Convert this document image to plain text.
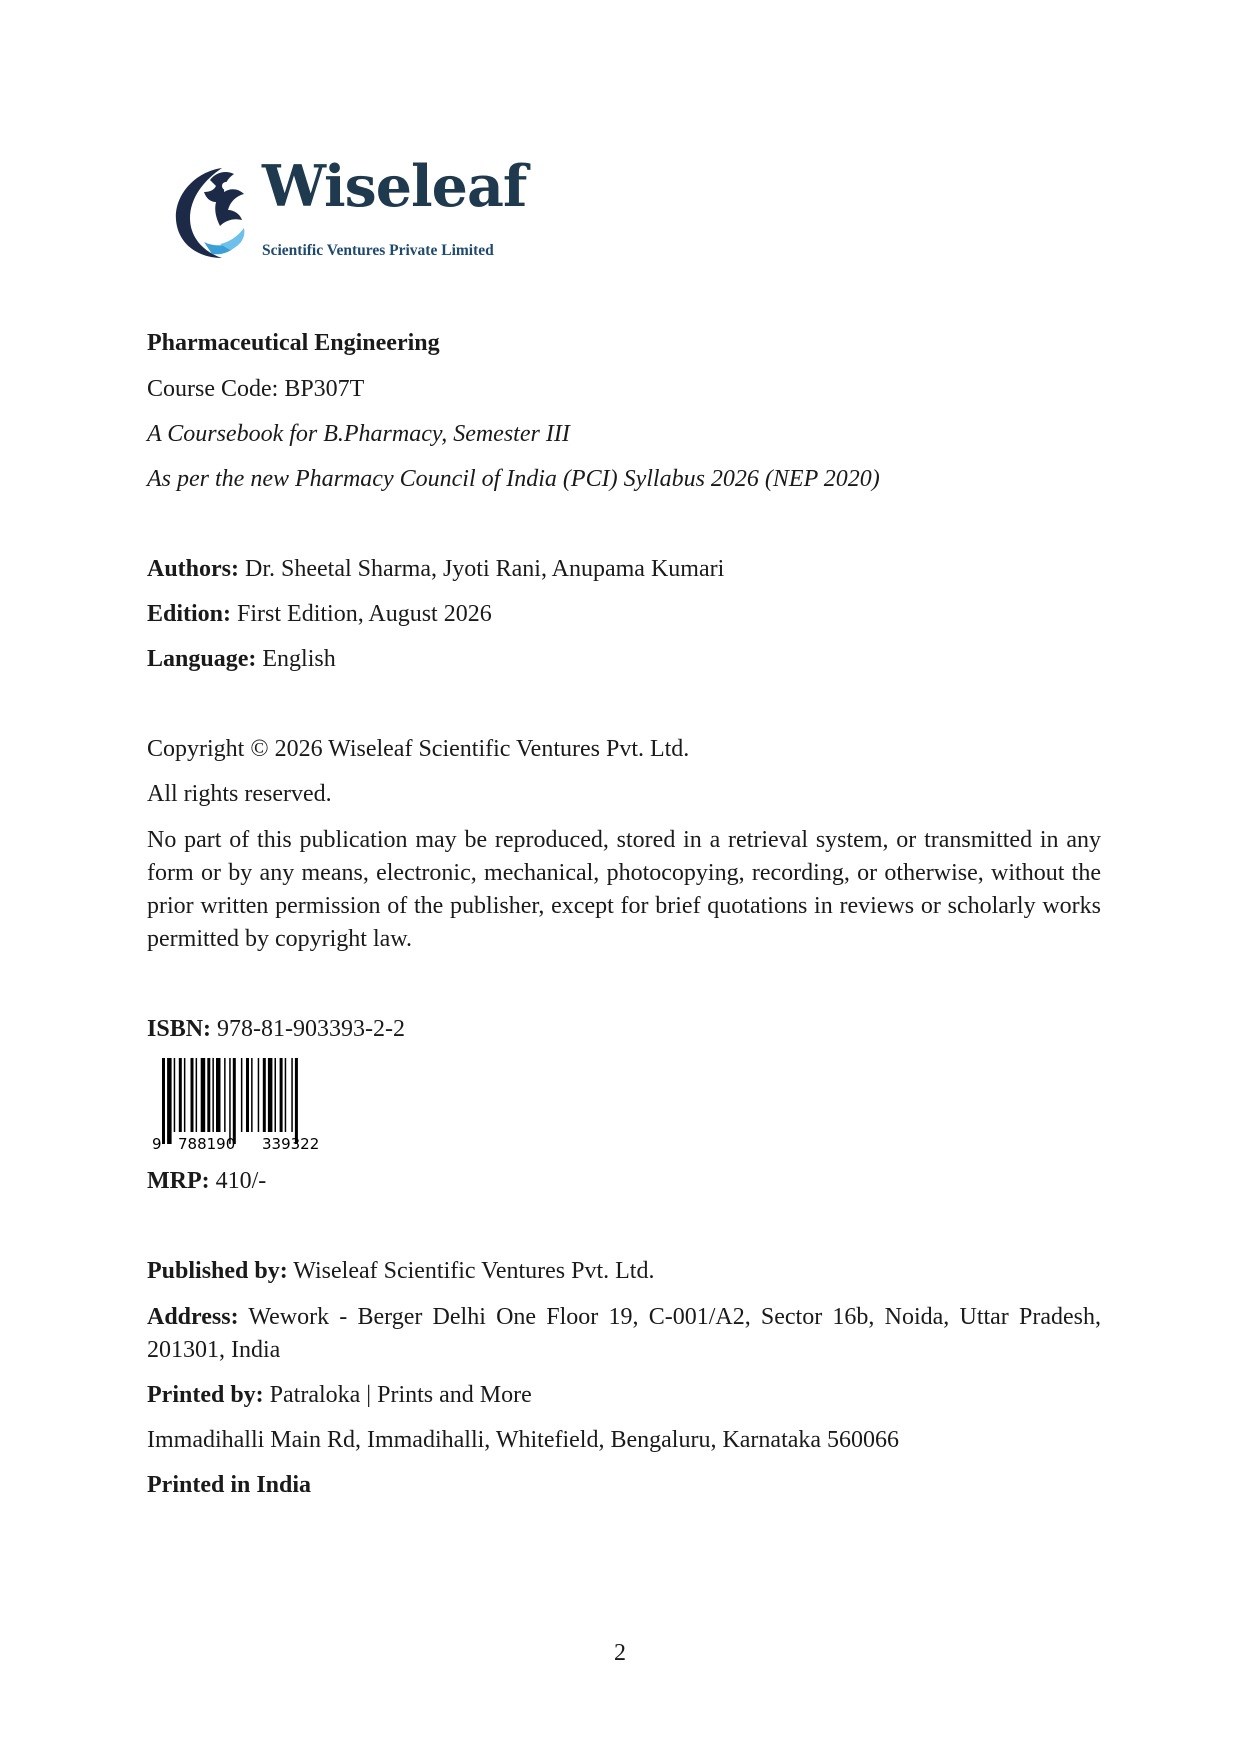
Wiseleaf
Scientific Ventures Private Limited

Pharmaceutical Engineering

Course Code: BP307T

A Coursebook for B.Pharmacy, Semester III

As per the new Pharmacy Council of India (PCI) Syllabus 2026 (NEP 2020)

Authors: Dr. Sheetal Sharma, Jyoti Rani, Anupama Kumari

Edition: First Edition, August 2026

Language: English

Copyright © 2026 Wiseleaf Scientific Ventures Pvt. Ltd.

All rights reserved.

No part of this publication may be reproduced, stored in a retrieval system, or transmitted in any form or by any means, electronic, mechanical, photocopying, recording, or otherwise, without the prior written permission of the publisher, except for brief quotations in reviews or scholarly works permitted by copyright law.

ISBN: 978-81-903393-2-2

9 788190 339322

MRP: 410/-

Published by: Wiseleaf Scientific Ventures Pvt. Ltd.

Address: Wework - Berger Delhi One Floor 19, C-001/A2, Sector 16b, Noida, Uttar Pradesh, 201301, India

Printed by: Patraloka | Prints and More

Immadihalli Main Rd, Immadihalli, Whitefield, Bengaluru, Karnataka 560066

Printed in India

2
